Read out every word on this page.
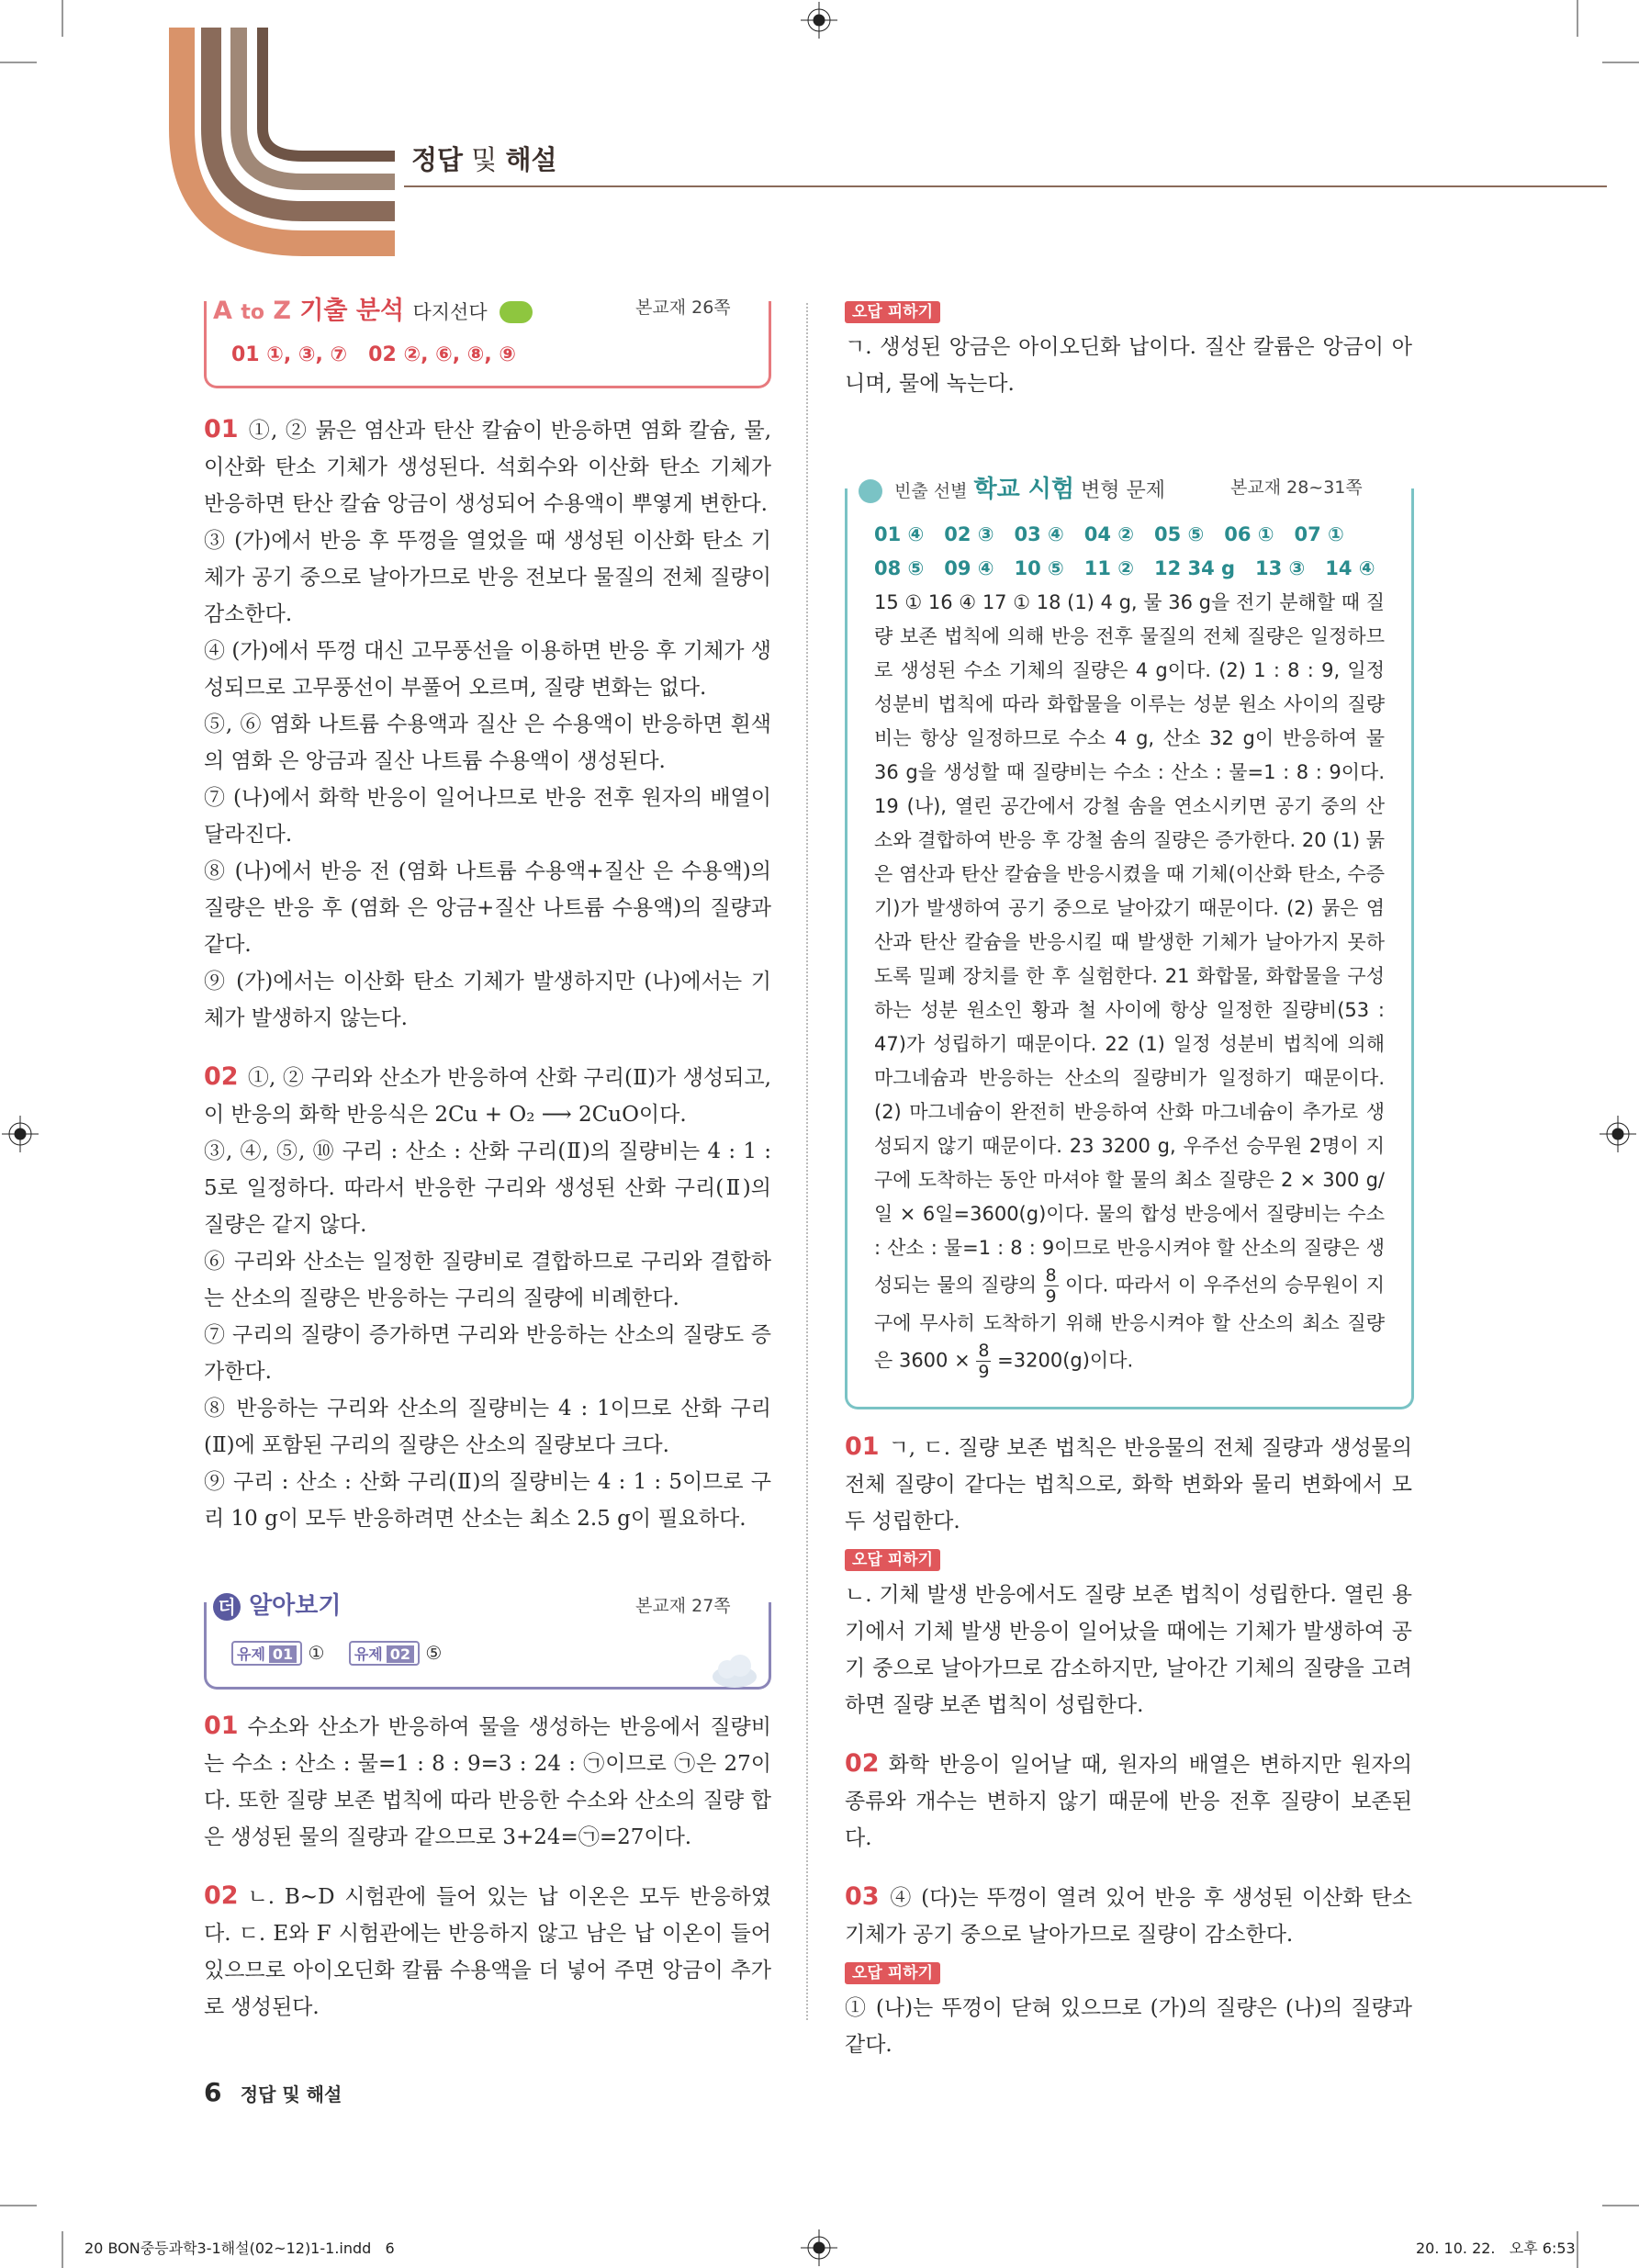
정답 및 해설
A to Z 기출 분석 다지선다	본교재 26쪽
01 ①, ③, ⑦   02 ②, ⑥, ⑧, ⑨

01 ①, ② 묽은 염산과 탄산 칼슘이 반응하면 염화 칼슘, 물, 이산화 탄소 기체가 생성된다. 석회수와 이산화 탄소 기체가 반응하면 탄산 칼슘 앙금이 생성되어 수용액이 뿌옇게 변한다.

③ (가)에서 반응 후 뚜껑을 열었을 때 생성된 이산화 탄소 기체가 공기 중으로 날아가므로 반응 전보다 물질의 전체 질량이 감소한다.

④ (가)에서 뚜껑 대신 고무풍선을 이용하면 반응 후 기체가 생성되므로 고무풍선이 부풀어 오르며, 질량 변화는 없다.

⑤, ⑥ 염화 나트륨 수용액과 질산 은 수용액이 반응하면 흰색의 염화 은 앙금과 질산 나트륨 수용액이 생성된다.

⑦ (나)에서 화학 반응이 일어나므로 반응 전후 원자의 배열이 달라진다.

⑧ (나)에서 반응 전 (염화 나트륨 수용액+질산 은 수용액)의 질량은 반응 후 (염화 은 앙금+질산 나트륨 수용액)의 질량과 같다.

⑨ (가)에서는 이산화 탄소 기체가 발생하지만 (나)에서는 기체가 발생하지 않는다.

02 ①, ② 구리와 산소가 반응하여 산화 구리(Ⅱ)가 생성되고, 이 반응의 화학 반응식은 2Cu + O₂ ⟶ 2CuO이다.

③, ④, ⑤, ⑩ 구리 : 산소 : 산화 구리(Ⅱ)의 질량비는 4 : 1 : 5로 일정하다. 따라서 반응한 구리와 생성된 산화 구리(Ⅱ)의 질량은 같지 않다.

⑥ 구리와 산소는 일정한 질량비로 결합하므로 구리와 결합하는 산소의 질량은 반응하는 구리의 질량에 비례한다.

⑦ 구리의 질량이 증가하면 구리와 반응하는 산소의 질량도 증가한다.

⑧ 반응하는 구리와 산소의 질량비는 4 : 1이므로 산화 구리(Ⅱ)에 포함된 구리의 질량은 산소의 질량보다 크다.

⑨ 구리 : 산소 : 산화 구리(Ⅱ)의 질량비는 4 : 1 : 5이므로 구리 10 g이 모두 반응하려면 산소는 최소 2.5 g이 필요하다.

더 알아보기	본교재 27쪽
유제 01 ① 유제 02 ⑤

01 수소와 산소가 반응하여 물을 생성하는 반응에서 질량비는 수소 : 산소 : 물=1 : 8 : 9=3 : 24 : ㉠이므로 ㉠은 27이다. 또한 질량 보존 법칙에 따라 반응한 수소와 산소의 질량 합은 생성된 물의 질량과 같으므로 3+24=㉠=27이다.

02 ㄴ. B~D 시험관에 들어 있는 납 이온은 모두 반응하였다. ㄷ. E와 F 시험관에는 반응하지 않고 남은 납 이온이 들어 있으므로 아이오딘화 칼륨 수용액을 더 넣어 주면 앙금이 추가로 생성된다.

오답 피하기
ㄱ. 생성된 앙금은 아이오딘화 납이다. 질산 칼륨은 앙금이 아니며, 물에 녹는다.
빈출 선별 학교 시험 변형 문제	본교재 28~31쪽
01 ④   02 ③   03 ④   04 ②   05 ⑤   06 ①   07 ①
08 ⑤   09 ④   10 ⑤   11 ②   12 34 g   13 ③   14 ④
15 ① 16 ④ 17 ① 18 (1) 4 g, 물 36 g을 전기 분해할 때 질량 보존 법칙에 의해 반응 전후 물질의 전체 질량은 일정하므로 생성된 수소 기체의 질량은 4 g이다. (2) 1 : 8 : 9, 일정 성분비 법칙에 따라 화합물을 이루는 성분 원소 사이의 질량비는 항상 일정하므로 수소 4 g, 산소 32 g이 반응하여 물 36 g을 생성할 때 질량비는 수소 : 산소 : 물=1 : 8 : 9이다. 19 (나), 열린 공간에서 강철 솜을 연소시키면 공기 중의 산소와 결합하여 반응 후 강철 솜의 질량은 증가한다. 20 (1) 묽은 염산과 탄산 칼슘을 반응시켰을 때 기체(이산화 탄소, 수증기)가 발생하여 공기 중으로 날아갔기 때문이다. (2) 묽은 염산과 탄산 칼슘을 반응시킬 때 발생한 기체가 날아가지 못하도록 밀폐 장치를 한 후 실험한다. 21 화합물, 화합물을 구성하는 성분 원소인 황과 철 사이에 항상 일정한 질량비(53 : 47)가 성립하기 때문이다. 22 (1) 일정 성분비 법칙에 의해 마그네슘과 반응하는 산소의 질량비가 일정하기 때문이다. (2) 마그네슘이 완전히 반응하여 산화 마그네슘이 추가로 생성되지 않기 때문이다. 23 3200 g, 우주선 승무원 2명이 지구에 도착하는 동안 마셔야 할 물의 최소 질량은 2 × 300 g/일 × 6일=3600(g)이다. 물의 합성 반응에서 질량비는 수소 : 산소 : 물=1 : 8 : 9이므로 반응시켜야 할 산소의 질량은 생성되는 물의 질량의 $\frac{8}{9}$ 이다. 따라서 이 우주선의 승무원이 지구에 무사히 도착하기 위해 반응시켜야 할 산소의 최소 질량은 $3600 \times \frac{8}{9} =3200(g)$이다.

01 ㄱ, ㄷ. 질량 보존 법칙은 반응물의 전체 질량과 생성물의 전체 질량이 같다는 법칙으로, 화학 변화와 물리 변화에서 모두 성립한다.

오답 피하기

ㄴ. 기체 발생 반응에서도 질량 보존 법칙이 성립한다. 열린 용기에서 기체 발생 반응이 일어났을 때에는 기체가 발생하여 공기 중으로 날아가므로 감소하지만, 날아간 기체의 질량을 고려하면 질량 보존 법칙이 성립한다.

02 화학 반응이 일어날 때, 원자의 배열은 변하지만 원자의 종류와 개수는 변하지 않기 때문에 반응 전후 질량이 보존된다.

03 ④ (다)는 뚜껑이 열려 있어 반응 후 생성된 이산화 탄소 기체가 공기 중으로 날아가므로 질량이 감소한다.

오답 피하기

① (나)는 뚜껑이 닫혀 있으므로 (가)의 질량은 (나)의 질량과 같다.

6 정답 및 해설
20 BON중등과학3-1해설(02~12)1-1.indd   6	20. 10. 22.   오후 6:53
